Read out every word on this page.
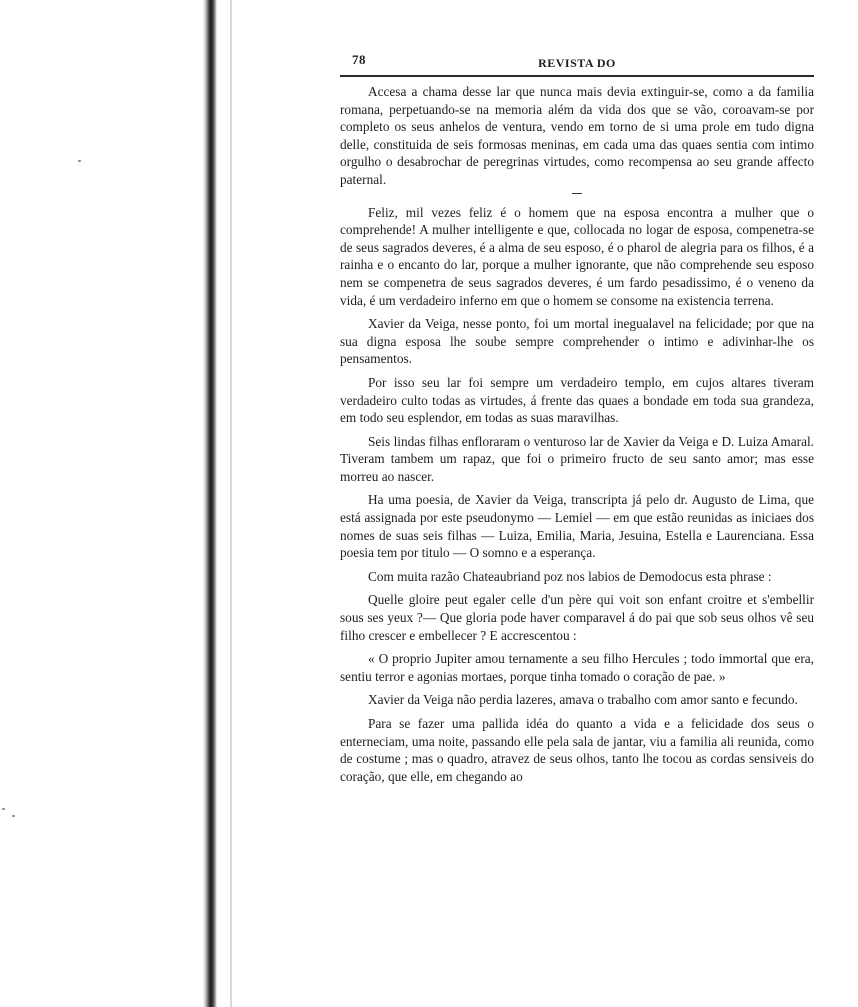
78	REVISTA DO

Accesa a chama desse lar que nunca mais devia extinguir-se, como a da familia romana, perpetuando-se na memoria além da vida dos que se vão, coroavam-se por completo os seus anhelos de ventura, vendo em torno de si uma prole em tudo digna delle, constituida de seis formosas meninas, em cada uma das quaes sentia com intimo orgulho o desabrochar de peregrinas virtudes, como recompensa ao seu grande affecto paternal.

Feliz, mil vezes feliz é o homem que na esposa encontra a mulher que o comprehende! A mulher intelligente e que, collocada no logar de esposa, compenetra-se de seus sagrados deveres, é a alma de seu esposo, é o pharol de alegria para os filhos, é a rainha e o encanto do lar, porque a mulher ignorante, que não comprehende seu esposo nem se compenetra de seus sagrados deveres, é um fardo pesadissimo, é o veneno da vida, é um verdadeiro inferno em que o homem se consome na existencia terrena.

Xavier da Veiga, nesse ponto, foi um mortal inegualavel na felicidade; por que na sua digna esposa lhe soube sempre comprehender o intimo e adivinhar-lhe os pensamentos.

Por isso seu lar foi sempre um verdadeiro templo, em cujos altares tiveram verdadeiro culto todas as virtudes, á frente das quaes a bondade em toda sua grandeza, em todo seu esplendor, em todas as suas maravilhas.

Seis lindas filhas enfloraram o venturoso lar de Xavier da Veiga e D. Luiza Amaral. Tiveram tambem um rapaz, que foi o primeiro fructo de seu santo amor; mas esse morreu ao nascer.

Ha uma poesia, de Xavier da Veiga, transcripta já pelo dr. Augusto de Lima, que está assignada por este pseudonymo — Lemiel — em que estão reunidas as iniciaes dos nomes de suas seis filhas — Luiza, Emilia, Maria, Jesuina, Estella e Laurenciana. Essa poesia tem por titulo — O somno e a esperança.

Com muita razão Chateaubriand poz nos labios de Demodocus esta phrase :

Quelle gloire peut egaler celle d'un père qui voit son enfant croitre et s'embellir sous ses yeux ?— Que gloria pode haver comparavel á do pai que sob seus olhos vê seu filho crescer e embellecer ? E accrescentou :

« O proprio Jupiter amou ternamente a seu filho Hercules ; todo immortal que era, sentiu terror e agonias mortaes, porque tinha tomado o coração de pae. »

Xavier da Veiga não perdia lazeres, amava o trabalho com amor santo e fecundo.

Para se fazer uma pallida idéa do quanto a vida e a felicidade dos seus o enterneciam, uma noite, passando elle pela sala de jantar, viu a familia ali reunida, como de costume ; mas o quadro, atravez de seus olhos, tanto lhe tocou as cordas sensiveis do coração, que elle, em chegando ao
